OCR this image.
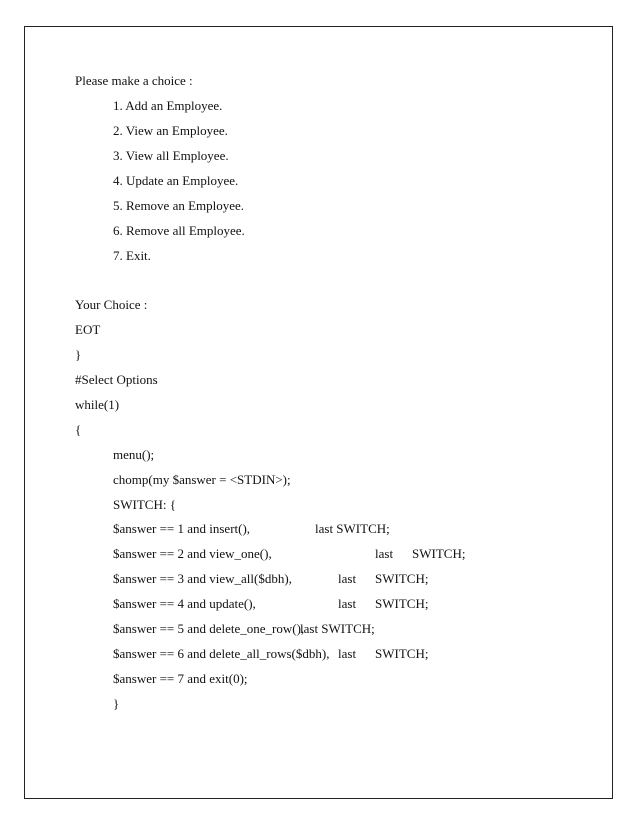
Please make a choice :
1. Add an Employee.
2. View an Employee.
3. View all Employee.
4. Update an Employee.
5. Remove an Employee.
6. Remove all Employee.
7. Exit.
Your Choice :
EOT
}
#Select Options
while(1)
{
menu();
chomp(my $answer = <STDIN>);
SWITCH: {
$answer == 1 and insert(),	last SWITCH;
$answer == 2 and view_one(),	last SWITCH;
$answer == 3 and view_all($dbh),	last SWITCH;
$answer == 4 and update(),	last SWITCH;
$answer == 5 and delete_one_row(),
last SWITCH;
$answer == 6 and delete_all_rows($dbh), last SWITCH;
$answer == 7 and exit(0);
}
